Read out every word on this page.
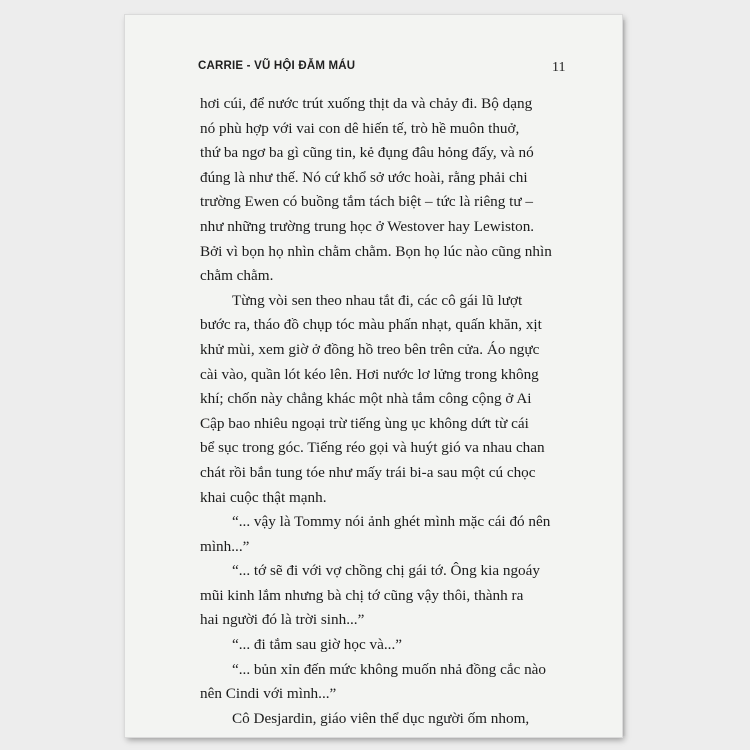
CARRIE - VŨ HỘI ĐẪM MÁU	11
hơi cúi, để nước trút xuống thịt da và chảy đi. Bộ dạng
nó phù hợp với vai con dê hiến tế, trò hề muôn thuở,
thứ ba ngơ ba gì cũng tin, kẻ đụng đâu hỏng đấy, và nó
đúng là như thế. Nó cứ khổ sở ước hoài, rằng phải chi
trường Ewen có buồng tắm tách biệt – tức là riêng tư –
như những trường trung học ở Westover hay Lewiston.
Bởi vì bọn họ nhìn chằm chằm. Bọn họ lúc nào cũng nhìn
chằm chằm.
Từng vòi sen theo nhau tắt đi, các cô gái lũ lượt
bước ra, tháo đồ chụp tóc màu phấn nhạt, quấn khăn, xịt
khử mùi, xem giờ ở đồng hồ treo bên trên cửa. Áo ngực
cài vào, quần lót kéo lên. Hơi nước lơ lửng trong không
khí; chốn này chẳng khác một nhà tắm công cộng ở Ai
Cập bao nhiêu ngoại trừ tiếng ùng ục không dứt từ cái
bể sục trong góc. Tiếng réo gọi và huýt gió va nhau chan
chát rồi bắn tung tóe như mấy trái bi-a sau một cú chọc
khai cuộc thật mạnh.
“... vậy là Tommy nói ảnh ghét mình mặc cái đó nên
mình...”
“... tớ sẽ đi với vợ chồng chị gái tớ. Ông kia ngoáy
mũi kinh lắm nhưng bà chị tớ cũng vậy thôi, thành ra
hai người đó là trời sinh...”
“... đi tắm sau giờ học và...”
“... bủn xỉn đến mức không muốn nhả đồng cắc nào
nên Cindi với mình...”
Cô Desjardin, giáo viên thể dục người ốm nhom,
